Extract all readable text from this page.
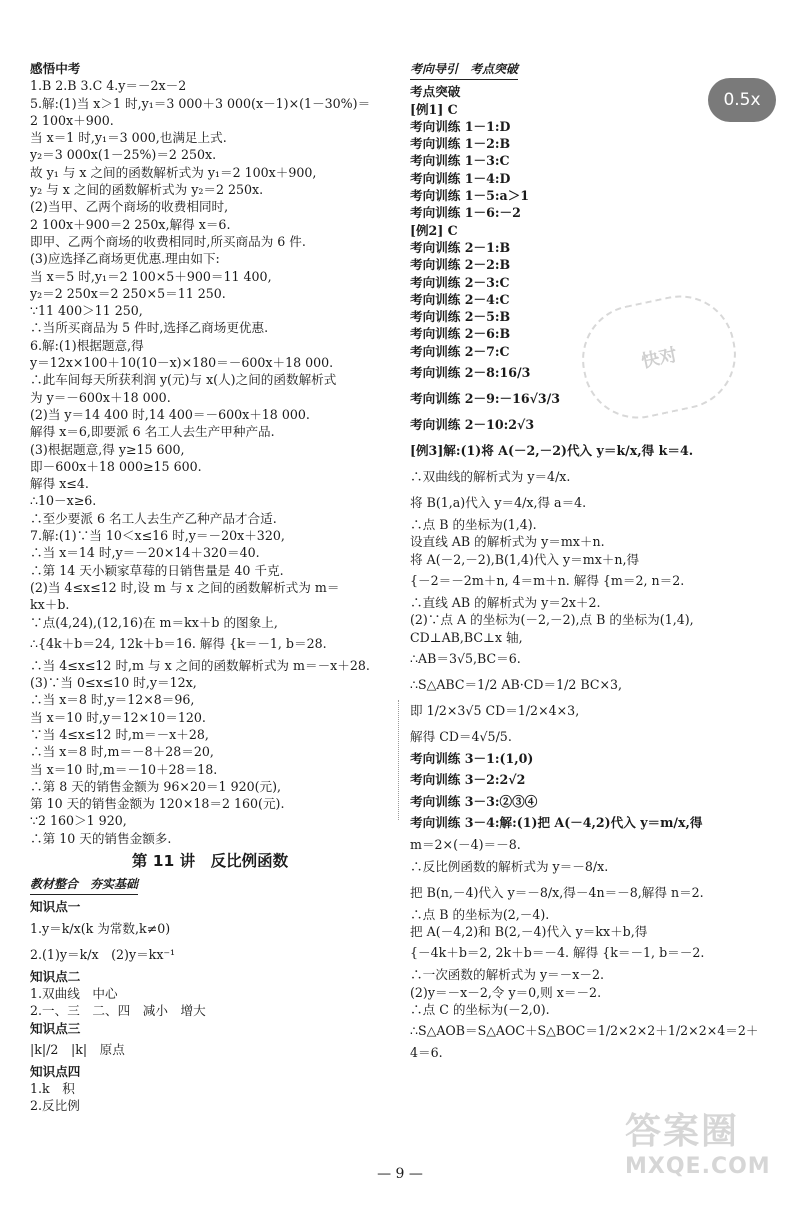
感悟中考
1.B 2.B 3.C 4.y＝－2x－2
5.解:(1)当 x＞1 时,y₁＝3 000＋3 000(x－1)×(1－30%)＝
2 100x＋900.
当 x＝1 时,y₁＝3 000,也满足上式.
y₂＝3 000x(1－25%)＝2 250x.
故 y₁ 与 x 之间的函数解析式为 y₁＝2 100x＋900,
y₂ 与 x 之间的函数解析式为 y₂＝2 250x.
(2)当甲、乙两个商场的收费相同时,
2 100x＋900＝2 250x,解得 x＝6.
即甲、乙两个商场的收费相同时,所买商品为 6 件.
(3)应选择乙商场更优惠.理由如下:
当 x＝5 时,y₁＝2 100×5＋900＝11 400,
y₂＝2 250x＝2 250×5＝11 250.
∵11 400＞11 250,
∴当所买商品为 5 件时,选择乙商场更优惠.
6.解:(1)根据题意,得
y＝12x×100＋10(10－x)×180＝－600x＋18 000.
∴此车间每天所获利润 y(元)与 x(人)之间的函数解析式
为 y＝－600x＋18 000.
(2)当 y＝14 400 时,14 400＝－600x＋18 000.
解得 x＝6,即要派 6 名工人去生产甲种产品.
(3)根据题意,得 y≥15 600,
即－600x＋18 000≥15 600.
解得 x≤4.
∴10－x≥6.
∴至少要派 6 名工人去生产乙种产品才合适.
7.解:(1)∵当 10＜x≤16 时,y＝－20x＋320,
∴当 x＝14 时,y＝－20×14＋320＝40.
∴第 14 天小颖家草莓的日销售量是 40 千克.
(2)当 4≤x≤12 时,设 m 与 x 之间的函数解析式为 m＝
kx＋b.
∵点(4,24),(12,16)在 m＝kx＋b 的图象上,
∴{4k＋b＝24, 12k＋b＝16. 解得 {k＝－1, b＝28.
∴当 4≤x≤12 时,m 与 x 之间的函数解析式为 m＝－x＋28.
(3)∵当 0≤x≤10 时,y＝12x,
∴当 x＝8 时,y＝12×8＝96,
当 x＝10 时,y＝12×10＝120.
∵当 4≤x≤12 时,m＝－x＋28,
∴当 x＝8 时,m＝－8＋28＝20,
当 x＝10 时,m＝－10＋28＝18.
∴第 8 天的销售金额为 96×20＝1 920(元),
第 10 天的销售金额为 120×18＝2 160(元).
∵2 160＞1 920,
∴第 10 天的销售金额多.
第 11 讲　反比例函数
教材整合　夯实基础
知识点一
1.y＝k/x(k 为常数,k≠0)
2.(1)y＝k/x　(2)y＝kx⁻¹
知识点二
1.双曲线　中心
2.一、三　二、四　减小　增大
知识点三
|k|/2　|k|　原点
知识点四
1.k　积
2.反比例
考向导引　考点突破
考点突破
[例1] C
考向训练 1－1:D
考向训练 1－2:B
考向训练 1－3:C
考向训练 1－4:D
考向训练 1－5:a＞1
考向训练 1－6:－2
[例2] C
考向训练 2－1:B
考向训练 2－2:B
考向训练 2－3:C
考向训练 2－4:C
考向训练 2－5:B
考向训练 2－6:B
考向训练 2－7:C
考向训练 2－8:16/3
考向训练 2－9:－16√3/3
考向训练 2－10:2√3
[例3]解:(1)将 A(－2,－2)代入 y＝k/x,得 k＝4.
∴双曲线的解析式为 y＝4/x.
将 B(1,a)代入 y＝4/x,得 a＝4.
∴点 B 的坐标为(1,4).
设直线 AB 的解析式为 y＝mx＋n.
将 A(－2,－2),B(1,4)代入 y＝mx＋n,得
{－2＝－2m＋n, 4＝m＋n. 解得 {m＝2, n＝2.
∴直线 AB 的解析式为 y＝2x＋2.
(2)∵点 A 的坐标为(－2,－2),点 B 的坐标为(1,4),
CD⊥AB,BC⊥x 轴,
∴AB＝3√5,BC＝6.
∴S△ABC＝1/2 AB·CD＝1/2 BC×3,
即 1/2×3√5 CD＝1/2×4×3,
解得 CD＝4√5/5.
考向训练 3－1:(1,0)
考向训练 3－2:2√2
考向训练 3－3:②③④
考向训练 3－4:解:(1)把 A(－4,2)代入 y＝m/x,得
m＝2×(－4)＝－8.
∴反比例函数的解析式为 y＝－8/x.
把 B(n,－4)代入 y＝－8/x,得－4n＝－8,解得 n＝2.
∴点 B 的坐标为(2,－4).
把 A(－4,2)和 B(2,－4)代入 y＝kx＋b,得
{－4k＋b＝2, 2k＋b＝－4. 解得 {k＝－1, b＝－2.
∴一次函数的解析式为 y＝－x－2.
(2)y＝－x－2,令 y＝0,则 x＝－2.
∴点 C 的坐标为(－2,0).
∴S△AOB＝S△AOC＋S△BOC＝1/2×2×2＋1/2×2×4＝2＋
4＝6.
快对
答案圈
MXQE.COM
0.5x
— 9 —
